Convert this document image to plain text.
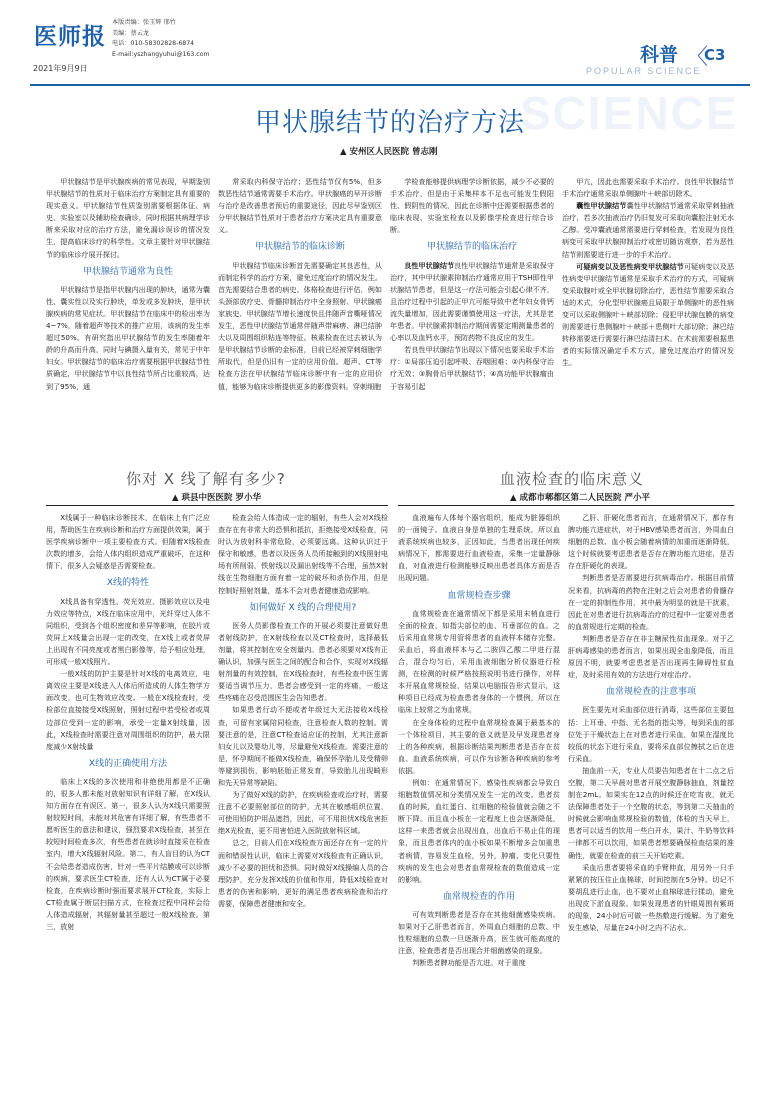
医师报
2021年9月9日
本版责编：张玉辉 邢竹
美编：蔡云龙
电话：010-58302828-6874
E-mail:yszhangyuhui@163.com
SCIENCE
科普
POPULAR SCIENCE
〈
C3
甲状腺结节的治疗方法
▲ 安州区人民医院 曾志刚

甲状腺结节是甲状腺疾病的常见表现，早期鉴别甲状腺结节的性质对于临床治疗方案制定具有重要的现实意义。甲状腺结节性质鉴别需要根据体征、病史、实验室以及辅助检查确诊，同时根据其病理学诊断来采取对应的治疗方法，避免漏诊误诊的情况发生，提高临床诊疗的科学性。文章主要针对甲状腺结节的临床诊疗展开探讨。

甲状腺结节通常为良性

甲状腺结节是指甲状腺内出现的肿块，通常为囊性、囊实性以及实行肿块，单发或多发肿块，是甲状腺疾病的常见症状。甲状腺结节在临床中的检出率为4~7%，随着超声等技术的推广应用，该病的发生率超过50%。有研究指出甲状腺结节的发生率随着年龄的升高而升高，同时与碘摄入量有关，常见于中年妇女。甲状腺结节的临床治疗需要根据甲状腺结节性质确定，甲状腺结节中以良性结节所占比重较高，达到了95%，通

常采取内科保守治疗；恶性结节仅有5%，但多数恶性结节通常需要手术治疗。甲状腺癌的早开诊断与治疗是改善患者预后的重要途径，因此尽早鉴别区分甲状腺结节性质对于患者治疗方案决定具有重要意义。

甲状腺结节的临床诊断

甲状腺结节临床诊断首先需要确定其良恶性，从而制定科学的治疗方案，避免过度治疗的情况发生。首先需要结合患者的病史、体格检查进行评估，例如头颈部放疗史、骨髓抑制治疗中全身照射、甲状腺癌家族史、甲状腺结节增长速度快且伴随声音嘶哑情况发生，恶性甲状腺结节通常伴随声带麻痹、淋巴结肿大以及周围组织粘连等特征。核素检查在过去被认为是甲状腺结节诊断的金标准，目前已经被穿刺细胞学所取代，但是仍旧有一定的应用价值。超声、CT等检查方法在甲状腺结节临床诊断中有一定的应用价值，能够为临床诊断提供更多的影像资料。穿刺细胞

学检查能够提供病理学诊断依据，减少不必要的手术治疗，但是由于采集样本不足也可能发生假阳性、假阴性的情况，因此在诊断中还需要根据患者的临床表现、实验室检查以及影像学检查进行综合诊断。

甲状腺结节的临床治疗

良性甲状腺结节良性甲状腺结节通常是采取保守治疗，其中甲状腺素抑制治疗通常应用于TSH即性甲状腺结节患者，但是这一疗法可能会引起心律不齐，且治疗过程中引起的正甲亢可能导致中老年妇女骨钙流失量增加，因此需要谨慎使用这一疗法，尤其是老年患者。甲状腺素抑制治疗期间需要定期测量患者的心率以及血钙水平，预防药物不良反应的发生。

若良性甲状腺结节出现以下情况也要采取手术治疗：①局部压迫引起呼吸、吞咽困难；②内科保守治疗无效；③胸骨后甲状腺结节；④高功能甲状腺瘤由于容易引起

甲亢，因此也需要采取手术治疗。良性甲状腺结节手术治疗通常采取单侧腺叶＋峡部切除术。

囊性甲状腺结节囊性甲状腺结节通常采取穿刺抽液治疗，若多次抽液治疗仍旧复发可采取向囊腔注射无水乙醇。受冲囊液通常需要进行穿刺检查，若发现为良性病变可采取甲状腺抑制治疗或密切随访观察，若为恶性结节则需要进行进一步的手术治疗。

可疑病变以及恶性病变甲状腺结节可疑病变以及恶性病变甲状腺结节通常是采取手术治疗的方式，可疑病变采取腺叶或全甲状腺切除治疗，恶性结节需要采取合适的术式，分化型甲状腺癌且局限于单侧腺叶的恶性病变可以采取侧腺叶＋峡部切除；侵犯甲状腺包膜的病变则需要进行患侧腺叶＋峡部＋患侧叶大部切除；淋巴结转移需要进行需要行淋巴结清扫术。在术前需要根据患者的实际情况确定手术方式，避免过度治疗的情况发生。

你对 X 线了解有多少?
▲ 珙县中医医院 罗小华
血液检查的临床意义
▲ 成都市郫都区第二人民医院 严小平

X线属于一种临床诊断技术，在临床上有广泛应用，帮助医生在疾病诊断和治疗方面提供效果，属于医学疾病诊断中一项主要检查方式。但随着X线检查次数的增多，会给人体内组织造成严重破坏，在这种情下，很多人会疑惑是否需要检查。

X线的特性

X线具备有穿透性、荧光效应、摄影效应以及电力效应等特点，X线在临床应用中，光纤穿过人体不同组织，受到各个组织密度和差异等影响，在胶片或荧屏上X线量会出现一定的改变，在X线上或者荧屏上出现有不同亮度或者黑白影像等，给予相应处理，可形成一般X线照片。

一般X线的防护主要是针对X线的电离效应，电离效应主要是X线进入人体后所造成的人体生物学方面改变，也可生物效应改变。一般在X线检查时，受检部位直接接受X线照射，照射过程中若受检者或周边部位受到一定的影响，承受一定量X射线量，因此，X线检查时需要注意对周围组织的防护，最大限度减少X射线量

X线的正确使用方法

临床上X线的多次使用和非绝使用都是不正确的，很多人都未能对放射知识有详细了解，在X线认知方面存在有误区。第一，很多人认为X线只需要照射较短时间，未能对其危害有详细了解，有些患者不愿听医生的意法和建议，强烈要求X线检查，甚至在较短时间检查多次，有些患者在就诊时直接采在检查室内，增大X线辐射风险。第二，有人盲目的认为CT不会给患者造成伤害，针对一些平片结膜或可以诊断的疾病，要求医生CT检查，还有人认为CT属于必要检查，在疾病诊断时强而要求展开CT检查，实际上CT检查属于断层扫描方式，在检查过程中同样会给人体造成辐射，其辐射量甚至超过一般X线检查。第三，放射

检查会给人体造成一定的辐射，有些人会对X线检查存在有非常大的恐惧和抵抗，拒绝接受X线检查，同时认为放射科非常危险，必须要远离。这种认识过于保守和敏感，患者以及医务人员所接触到的X线照射电场有所削弱，铁射线以及漏出射线等不合理，虽然X射线在生物细胞方面有着一定的破坏和杀伤作用，但是控制好照射剂量，基本不会对患者健康造成影响。

如何做好 X 线的合理使用?

医务人员影像检查工作的开展必须要注意做好患者射线防护，在X射线检查以及CT检查时，选择最低剂量，将其控制在安全剂量内。患者必须要对X线有正确认识，加强与医生之间的配合和合作，实现对X线辐射剂量的有效控制，在X线检查时，有些检查中医生需要适当调节压力，患者会感受到一定的疼痛，一般这些疼痛在忍受范围医生会告知患者。

如果患者行动不便或者年级过大无法接收X线检查，可留有家属陪同检查，注意检查人数的控制。需要注意的是，注意CT检查适应证的控制，尤其注意新妇女儿以及婴幼儿等，尽量避免X线检查。需要注意的是，怀孕期间不能做X线检查，确保怀孕胎儿及受精卵等避到损伤，影响胚胎正常发育，导致胎儿出现畸形和先天异常等缺陷。

为了做好X线的防护，在疾病检查或治疗时，需要注意不必要照射部位的防护，尤其在敏感组织位置，可使用铅防护用品遮挡，因此，可不用担忧X线危害拒绝X光检查，更不用害怕进入医院放射科区域。

总之，目前人们在X线检查方面还存在有一定的片面和错误性认识，临床上需要对X线检查有正确认识，减少不必要的担忧和恐惧。同时做好X线操编人员的合理防护，充分发挥X线的价值和作用，降低X线检查对患者的伤害和影响，更好的满足患者疾病检查和治疗需要，保障患者健康和安全。

血液遍布人体每个器官组织，能成为脏器组织的一面镜子。血液自身是单独的生理系统，所以血液系统疾病也较多，正因如此，当患者出现任何疾病情况下，都需要进行血液检查，采集一定量静脉血，对血液进行检测能够反映出患者具体方面是否出现问题。

血常规检查步骤

血常规检查在通常情况下都是采用末梢血进行全面的检查，如指尖部位的血、耳垂部位的血。之后采用血常规专用管将患者的血液样本储存完整。采血后，将血液样本与乙二胺四乙酸二甲进行混合，混合均匀后，采用血液细胞分析仪器进行检测，在检测的时候严格按照说明书进行操作，对样本开展血常规检验，结果以电脑报告形式显示，这种项目已经成为检查患者身体的一个惯例，所以在临床上较常之为血常规。

在全身体检的过程中血常规检查属于最基本的一个体检项目，其主要的意义就是及早发现患者身上的各种疾病，根据诊断结果判断患者是否存在贫血、血液系统疾病，可以作为诊断各种疾病的参考依据。

例如：在通常情况下，感染性疾病都会导致白细胞数值情况和分类情况发生一定的改变。患者贫血的时候，血红蛋白、红细胞的检验值就会随之不断下降。而且血小板在一定程度上也会逐渐降低，这样一来患者就会出现出血，出血后不易止住的现象，而且患者体内的血小板如果不断增多会加重患者病情，容易发生血栓，另外，肿瘤、变化只要性疾病的发生也会对患者血常规检查的数值造成一定的影响。

血常规检查的作用

可有效判断患者是否存在其他细菌感染疾病。如果对于乙肝患者而言，外周血白细胞的总数、中性粒细胞的总数一旦逐渐升高，医生就可能高度的注意，检查患者是否出现合并细菌感染的现象。

判断患者脾功能是否亢进。对于重度

乙肝、肝硬化患者而言，在通常情况下，都存有脾功能亢进症状，对于HBV感染患者而言，外周血白细胞的总数、血小板会随着病情的加重而逐渐降低，这个时候就要考虑患者是否存在脾功能亢进症，是否存在肝硬化的表现。

判断患者是否需要进行抗病毒治疗。根据目前情况来看，抗病毒的药物在注射之后会对患者的骨髓存在一定的抑制性作用，其中最为明显的就是干扰素，因此在对患者进行抗病毒治疗的过程中一定要对患者的血常规进行定期的检查。

判断患者是否存在非主糖尿性贫血现象。对于乙肝病毒感染的患者而言，如果出现全血象降低，而且原因不明，就要考虑患者是否出现再生障碍性贫血症，及时采用有效的方法进行对症治疗。

血常规检查的注意事项

医生要先对采血部位进行消毒，这些部位主要包括：上耳垂、中指、无名指的指尖等，每到采血的部位处于干燥状态上在对患者进行采血，如果在湿度比较低的状态下进行采血，要将采血部位擦拭之后在进行采血。

抽血前一天，专业人员要告知患者在十二点之后空腹，第二天早晨对患者开展空腹静脉抽血，剂量控制在2mL。如果实在12点的时候还在吃宵夜，就无法保障患者处于一个空腹的状态，等到第二天抽血的时候就会影响血常规检验的数值，体检的当天早上，患者可以适当的饮用一些白开水，果汁、牛奶等饮料一律都不可以饮用，如果患者想要确保检查结果的准确性，就要在检查的前三天开始吃素。

采血后患者要将采血的手臂伸直，用另外一只手紧紧的按压住止血棉球，时间控制在5分钟。切记不要胡乱进行止血，也不要对止血棉球进行揉动，避免出现皮下淤血现象。如果发现患者的针眼周围有紫斑的现象，24小时后可做一些热敷进行缓解。为了避免发生感染，尽量在24小时之内不沾水。
